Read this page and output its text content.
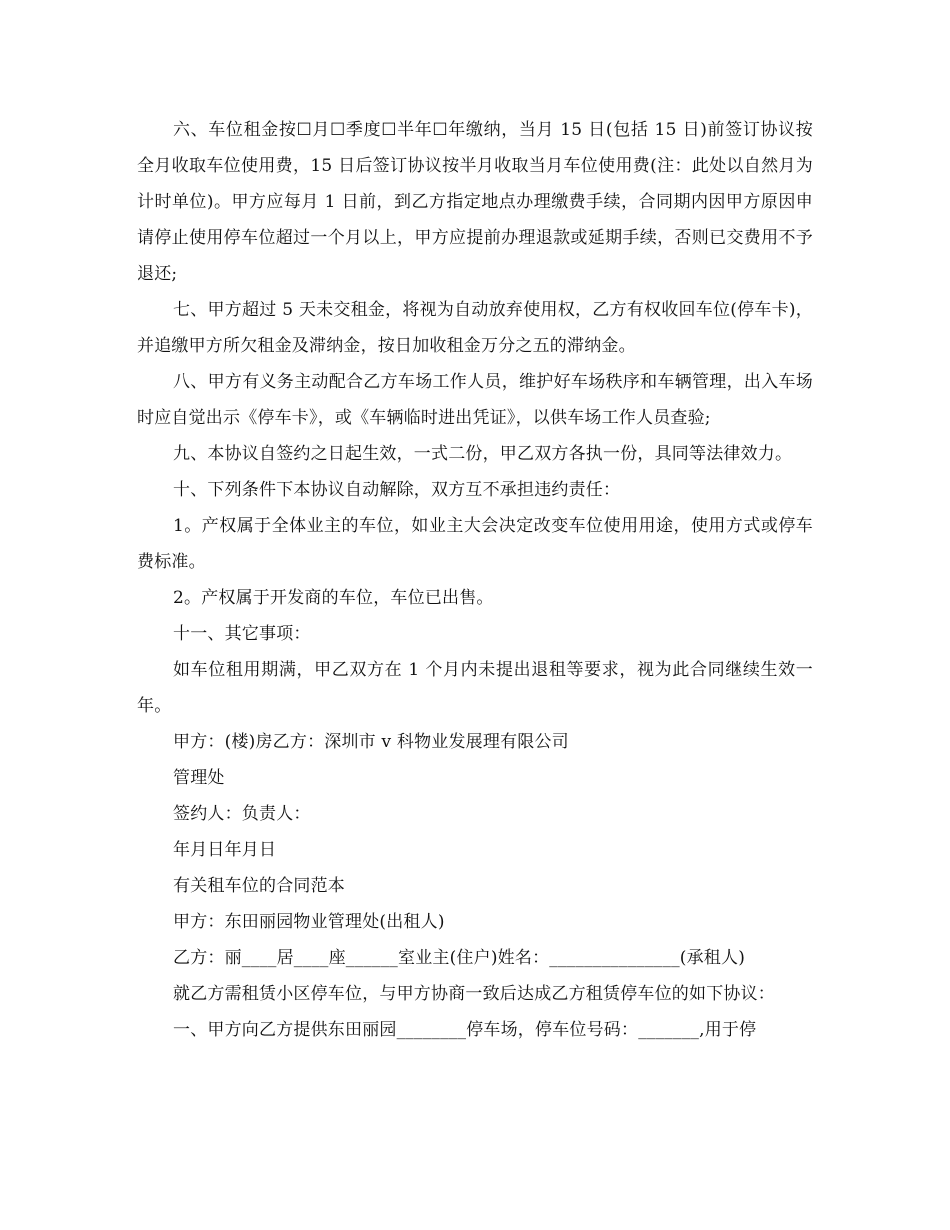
六、车位租金按☐月☐季度☐半年☐年缴纳，当月 15 日(包括 15 日)前签订协议按全月收取车位使用费，15 日后签订协议按半月收取当月车位使用费(注：此处以自然月为计时单位)。甲方应每月 1 日前，到乙方指定地点办理缴费手续，合同期内因甲方原因申请停止使用停车位超过一个月以上，甲方应提前办理退款或延期手续，否则已交费用不予退还;

七、甲方超过 5 天未交租金，将视为自动放弃使用权，乙方有权收回车位(停车卡)，并追缴甲方所欠租金及滞纳金，按日加收租金万分之五的滞纳金。

八、甲方有义务主动配合乙方车场工作人员，维护好车场秩序和车辆管理，出入车场时应自觉出示《停车卡》，或《车辆临时进出凭证》，以供车场工作人员查验;

九、本协议自签约之日起生效，一式二份，甲乙双方各执一份，具同等法律效力。

十、下列条件下本协议自动解除，双方互不承担违约责任：

1。产权属于全体业主的车位，如业主大会决定改变车位使用用途，使用方式或停车费标准。

2。产权属于开发商的车位，车位已出售。

十一、其它事项：

如车位租用期满，甲乙双方在 1 个月内未提出退租等要求，视为此合同继续生效一年。

甲方：(楼)房乙方：深圳市 v 科物业发展理有限公司

管理处

签约人：负责人：

年月日年月日

有关租车位的合同范本

甲方：东田丽园物业管理处(出租人)

乙方：丽____居____座______室业主(住户)姓名：_______________(承租人)

就乙方需租赁小区停车位，与甲方协商一致后达成乙方租赁停车位的如下协议：

一、甲方向乙方提供东田丽园________停车场，停车位号码：_______,用于停
